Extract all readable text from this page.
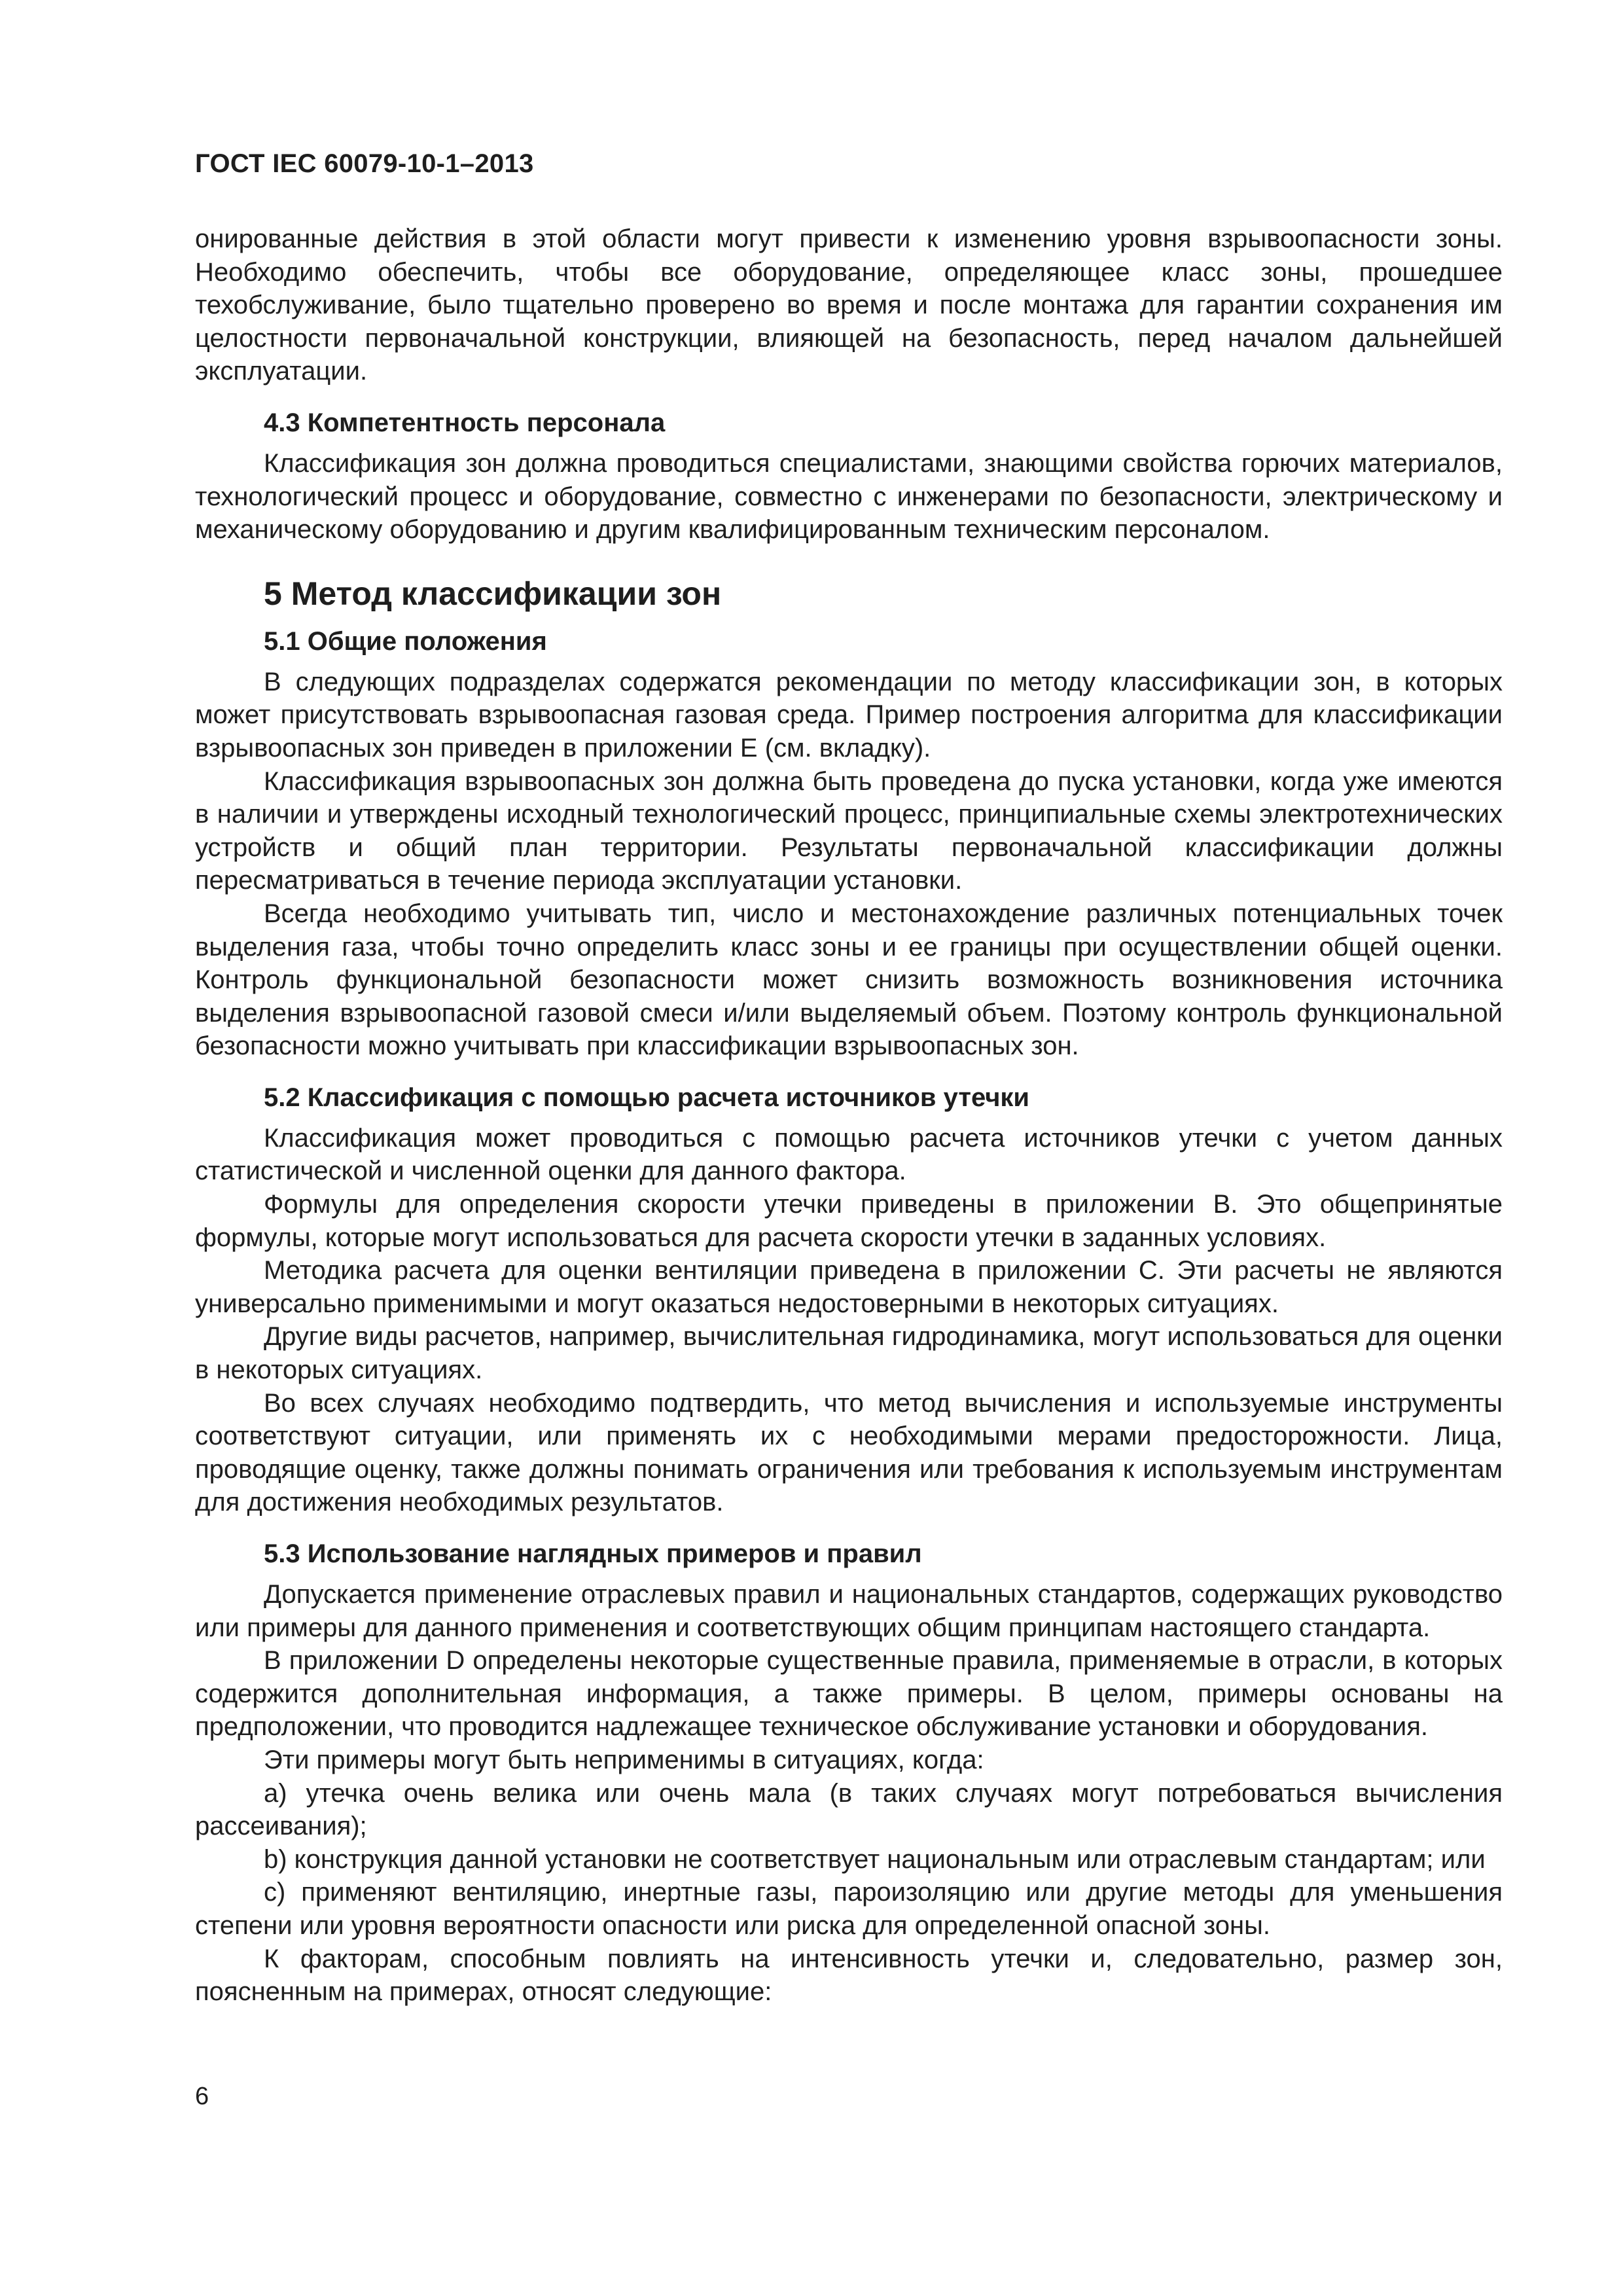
ГОСТ IEC 60079-10-1–2013

онированные действия в этой области могут привести к изменению уровня взрывоопасности зоны. Необходимо обеспечить, чтобы все оборудование, определяющее класс зоны, прошедшее техобслуживание, было тщательно проверено во время и после монтажа для гарантии сохранения им целостности первоначальной конструкции, влияющей на безопасность, перед началом дальнейшей эксплуатации.

4.3 Компетентность персонала

Классификация зон должна проводиться специалистами, знающими свойства горючих материалов, технологический процесс и оборудование, совместно с инженерами по безопасности, электрическому и механическому оборудованию и другим квалифицированным техническим персоналом.

5 Метод классификации зон
5.1 Общие положения

В следующих подразделах содержатся рекомендации по методу классификации зон, в которых может присутствовать взрывоопасная газовая среда. Пример построения алгоритма для классификации взрывоопасных зон приведен в приложении Е (см. вкладку).

Классификация взрывоопасных зон должна быть проведена до пуска установки, когда уже имеются в наличии и утверждены исходный технологический процесс, принципиальные схемы электротехнических устройств и общий план территории. Результаты первоначальной классификации должны пересматриваться в течение периода эксплуатации установки.

Всегда необходимо учитывать тип, число и местонахождение различных потенциальных точек выделения газа, чтобы точно определить класс зоны и ее границы при осуществлении общей оценки. Контроль функциональной безопасности может снизить возможность возникновения источника выделения взрывоопасной газовой смеси и/или выделяемый объем. Поэтому контроль функциональной безопасности можно учитывать при классификации взрывоопасных зон.

5.2 Классификация с помощью расчета источников утечки

Классификация может проводиться с помощью расчета источников утечки с учетом данных статистической и численной оценки для данного фактора.

Формулы для определения скорости утечки приведены в приложении В. Это общепринятые формулы, которые могут использоваться для расчета скорости утечки в заданных условиях.

Методика расчета для оценки вентиляции приведена в приложении С. Эти расчеты не являются универсально применимыми и могут оказаться недостоверными в некоторых ситуациях.

Другие виды расчетов, например, вычислительная гидродинамика, могут использоваться для оценки в некоторых ситуациях.

Во всех случаях необходимо подтвердить, что метод вычисления и используемые инструменты соответствуют ситуации, или применять их с необходимыми мерами предосторожности. Лица, проводящие оценку, также должны понимать ограничения или требования к используемым инструментам для достижения необходимых результатов.

5.3 Использование наглядных примеров и правил

Допускается применение отраслевых правил и национальных стандартов, содержащих руководство или примеры для данного применения и соответствующих общим принципам настоящего стандарта.

В приложении D определены некоторые существенные правила, применяемые в отрасли, в которых содержится дополнительная информация, а также примеры. В целом, примеры основаны на предположении, что проводится надлежащее техническое обслуживание установки и оборудования.

Эти примеры могут быть неприменимы в ситуациях, когда:

a) утечка очень велика или очень мала (в таких случаях могут потребоваться вычисления рассеивания);

b) конструкция данной установки не соответствует национальным или отраслевым стандартам; или

c) применяют вентиляцию, инертные газы, пароизоляцию или другие методы для уменьшения степени или уровня вероятности опасности или риска для определенной опасной зоны.

К факторам, способным повлиять на интенсивность утечки и, следовательно, размер зон, поясненным на примерах, относят следующие:

6
